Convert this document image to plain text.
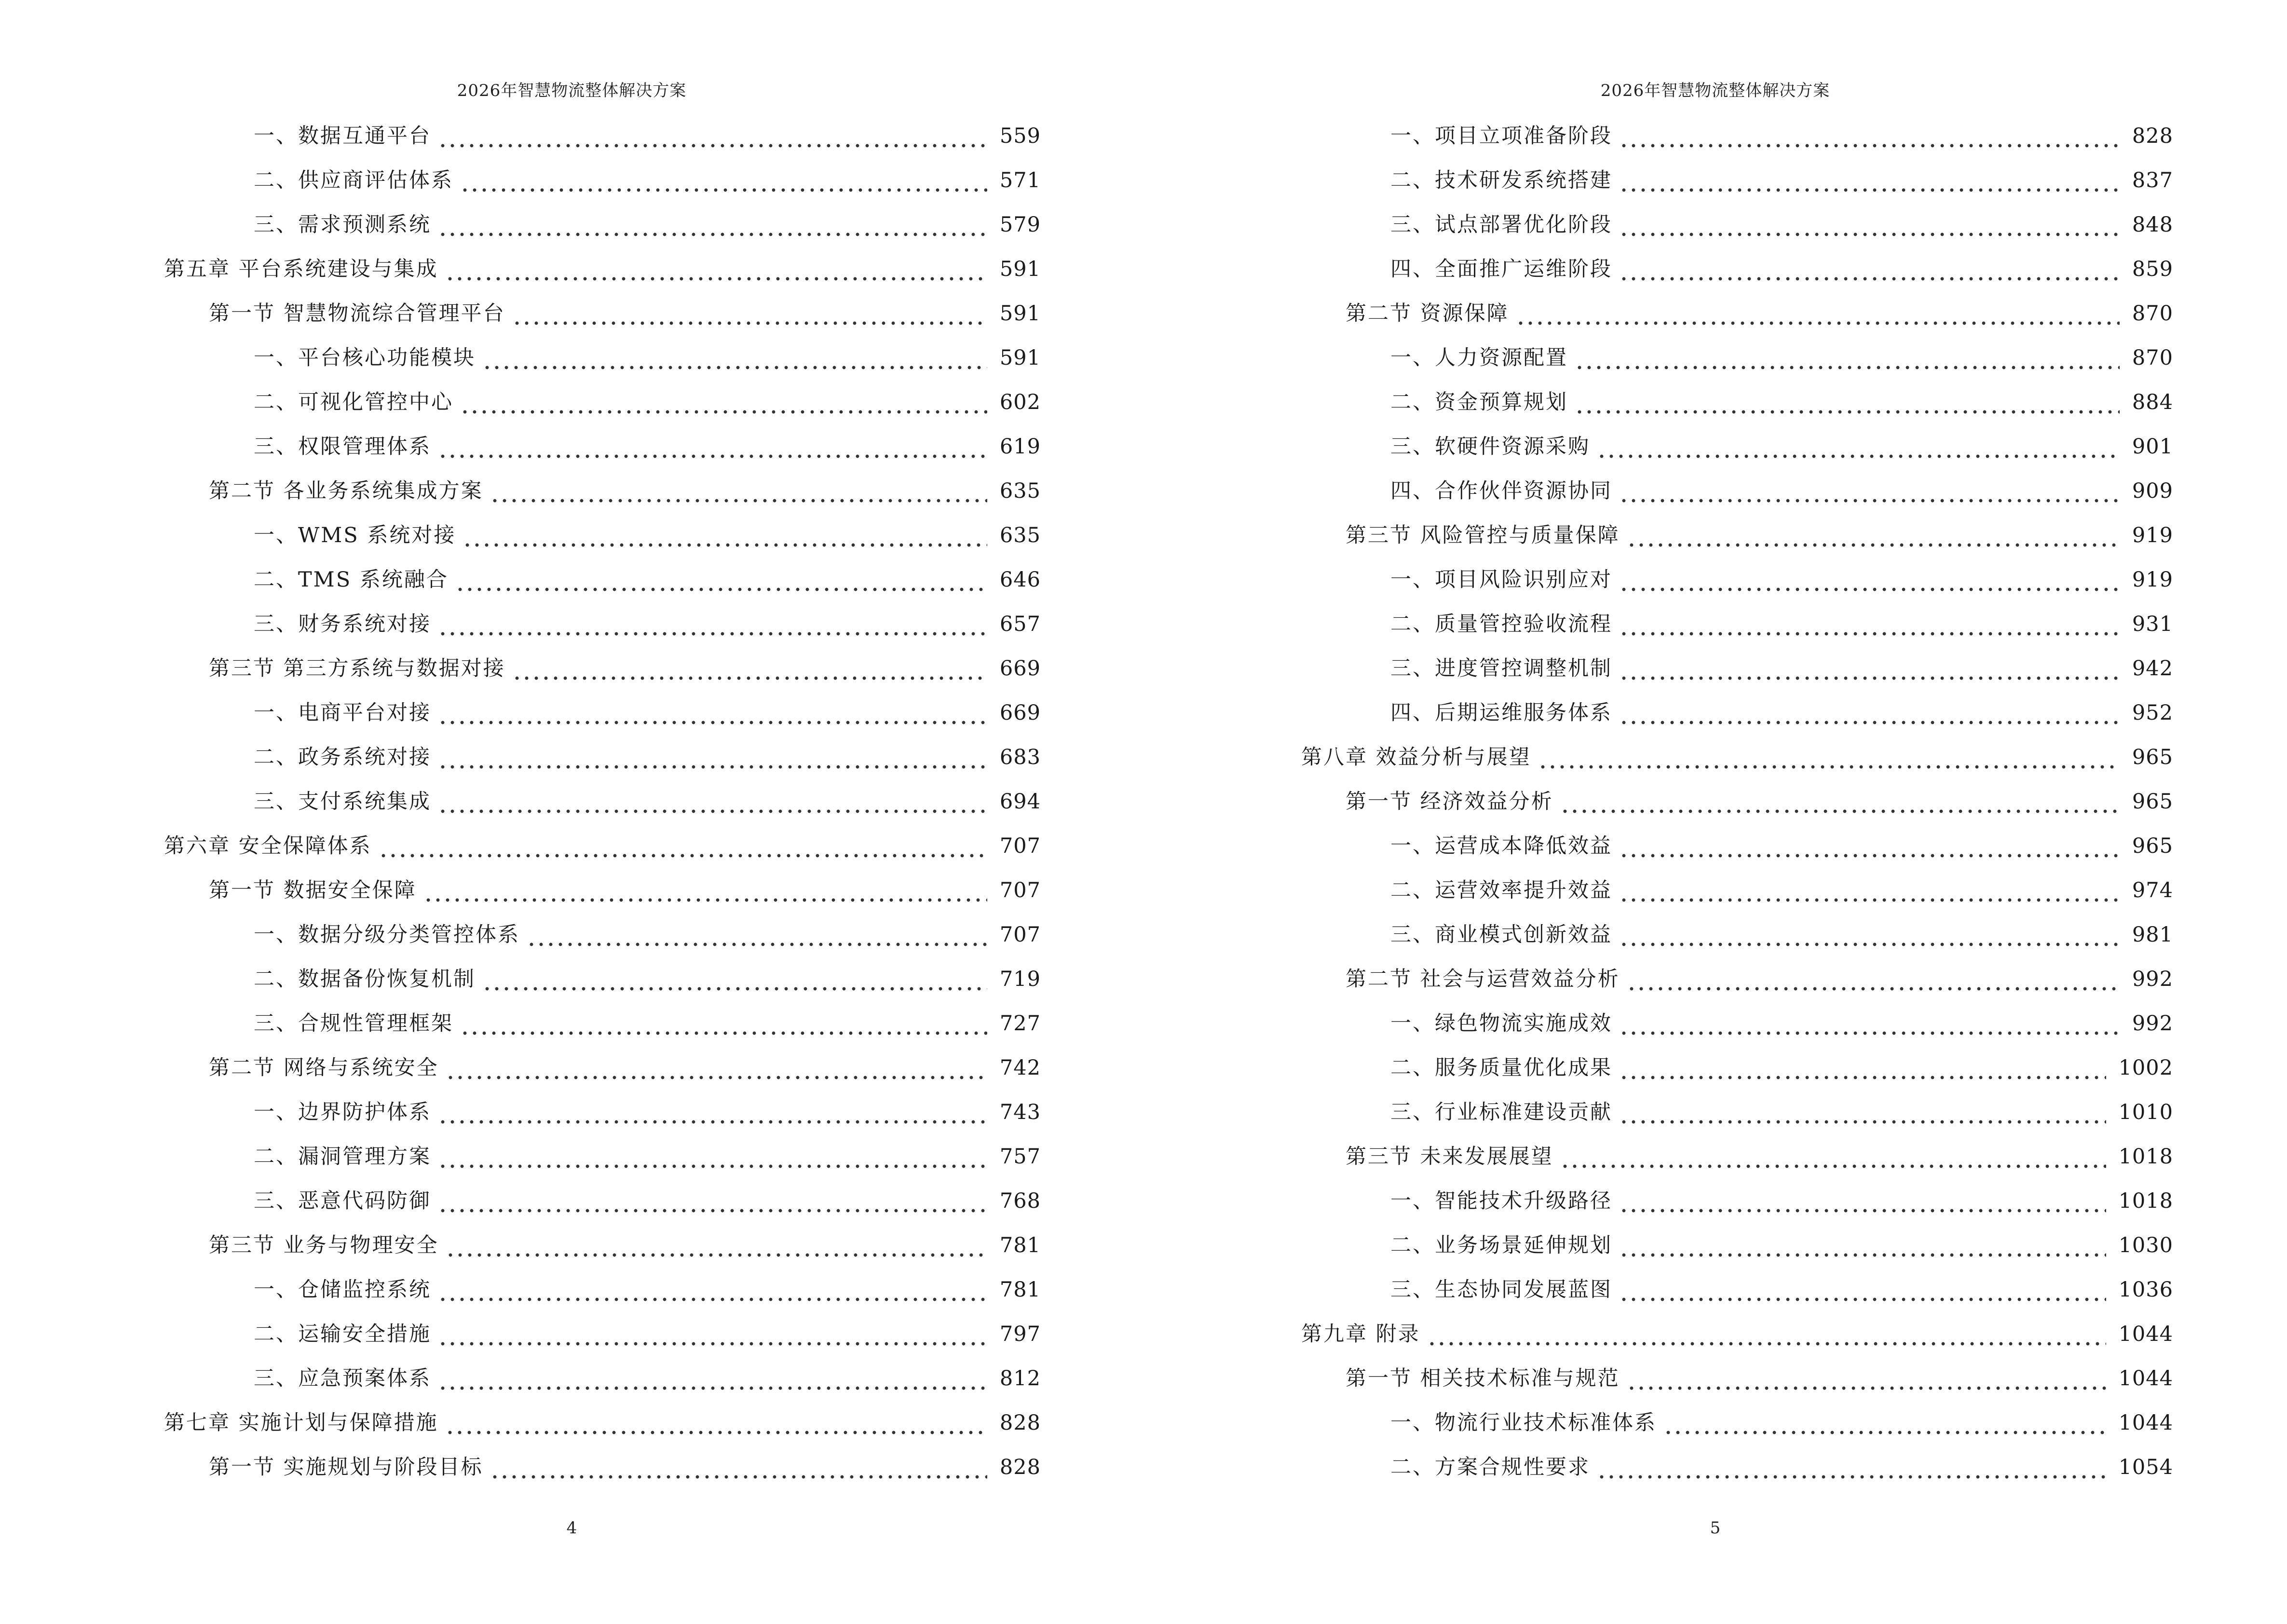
2026年智慧物流整体解决方案
一、数据互通平台	559
二、供应商评估体系	571
三、需求预测系统	579
第五章 平台系统建设与集成	591
第一节 智慧物流综合管理平台	591
一、平台核心功能模块	591
二、可视化管控中心	602
三、权限管理体系	619
第二节 各业务系统集成方案	635
一、WMS 系统对接	635
二、TMS 系统融合	646
三、财务系统对接	657
第三节 第三方系统与数据对接	669
一、电商平台对接	669
二、政务系统对接	683
三、支付系统集成	694
第六章 安全保障体系	707
第一节 数据安全保障	707
一、数据分级分类管控体系	707
二、数据备份恢复机制	719
三、合规性管理框架	727
第二节 网络与系统安全	742
一、边界防护体系	743
二、漏洞管理方案	757
三、恶意代码防御	768
第三节 业务与物理安全	781
一、仓储监控系统	781
二、运输安全措施	797
三、应急预案体系	812
第七章 实施计划与保障措施	828
第一节 实施规划与阶段目标	828
4
2026年智慧物流整体解决方案
一、项目立项准备阶段	828
二、技术研发系统搭建	837
三、试点部署优化阶段	848
四、全面推广运维阶段	859
第二节 资源保障	870
一、人力资源配置	870
二、资金预算规划	884
三、软硬件资源采购	901
四、合作伙伴资源协同	909
第三节 风险管控与质量保障	919
一、项目风险识别应对	919
二、质量管控验收流程	931
三、进度管控调整机制	942
四、后期运维服务体系	952
第八章 效益分析与展望	965
第一节 经济效益分析	965
一、运营成本降低效益	965
二、运营效率提升效益	974
三、商业模式创新效益	981
第二节 社会与运营效益分析	992
一、绿色物流实施成效	992
二、服务质量优化成果	1002
三、行业标准建设贡献	1010
第三节 未来发展展望	1018
一、智能技术升级路径	1018
二、业务场景延伸规划	1030
三、生态协同发展蓝图	1036
第九章 附录	1044
第一节 相关技术标准与规范	1044
一、物流行业技术标准体系	1044
二、方案合规性要求	1054
5
